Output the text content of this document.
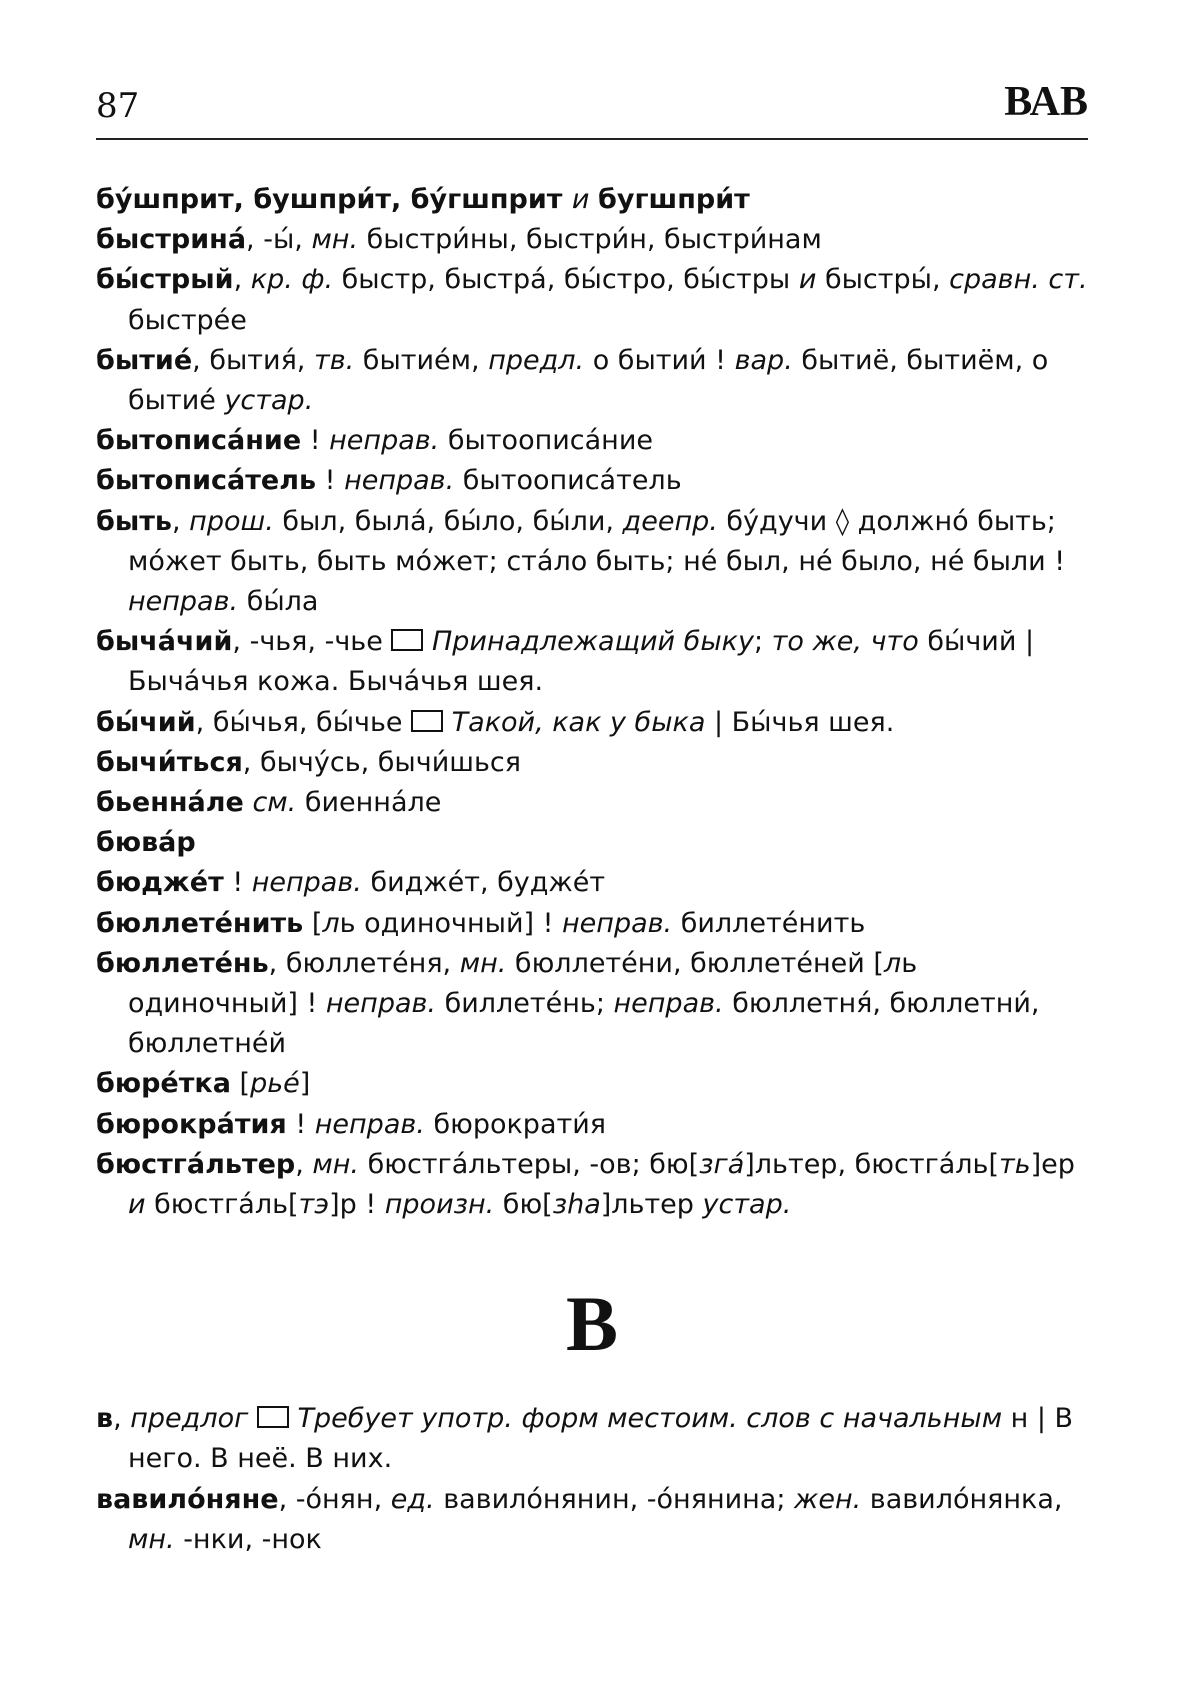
87	ВАВ

бу́шприт, бушпри́т, бу́гшприт и бугшпри́т

быстрина́, -ы́, мн. быстри́ны, быстри́н, быстри́нам

бы́стрый, кр. ф. быстр, быстра́, бы́стро, бы́стры и быстры́, сравн. ст. быстре́е

бытие́, бытия́, тв. бытие́м, предл. о бытии́ ! вар. бытиё, бытиём, о бытие́ устар.

бытописа́ние ! неправ. бытоописа́ние

бытописа́тель ! неправ. бытоописа́тель

быть, прош. был, была́, бы́ло, бы́ли, деепр. бу́дучи ◊ должно́ быть; мо́жет быть, быть мо́жет; ста́ло быть; не́ был, не́ было, не́ были ! неправ. бы́ла

быча́чий, -чья, -чье  Принадлежащий быку; то же, что бы́чий | Быча́чья кожа. Быча́чья шея.

бы́чий, бы́чья, бы́чье  Такой, как у быка | Бы́чья шея.

бычи́ться, бычу́сь, бычи́шься

бьенна́ле см. биенна́ле

бюва́р

бюдже́т ! неправ. бидже́т, будже́т

бюллете́нить [ль одиночный] ! неправ. биллете́нить

бюллете́нь, бюллете́ня, мн. бюллете́ни, бюллете́ней [ль одиночный] ! неправ. биллете́нь; неправ. бюллетня́, бюллетни́, бюллетне́й

бюре́тка [рье́]

бюрокра́тия ! неправ. бюрократи́я

бюстга́льтер, мн. бюстга́льтеры, -ов; бю[зга́]льтер, бюстга́ль[ть]ер и бюстга́ль[тэ]р ! произн. бю[зha]льтер устар.

В

в, предлог  Требует употр. форм местоим. слов с начальным н | В него. В неё. В них.

вавило́няне, -о́нян, ед. вавило́нянин, -о́нянина; жен. вавило́нянка, мн. -нки, -нок
